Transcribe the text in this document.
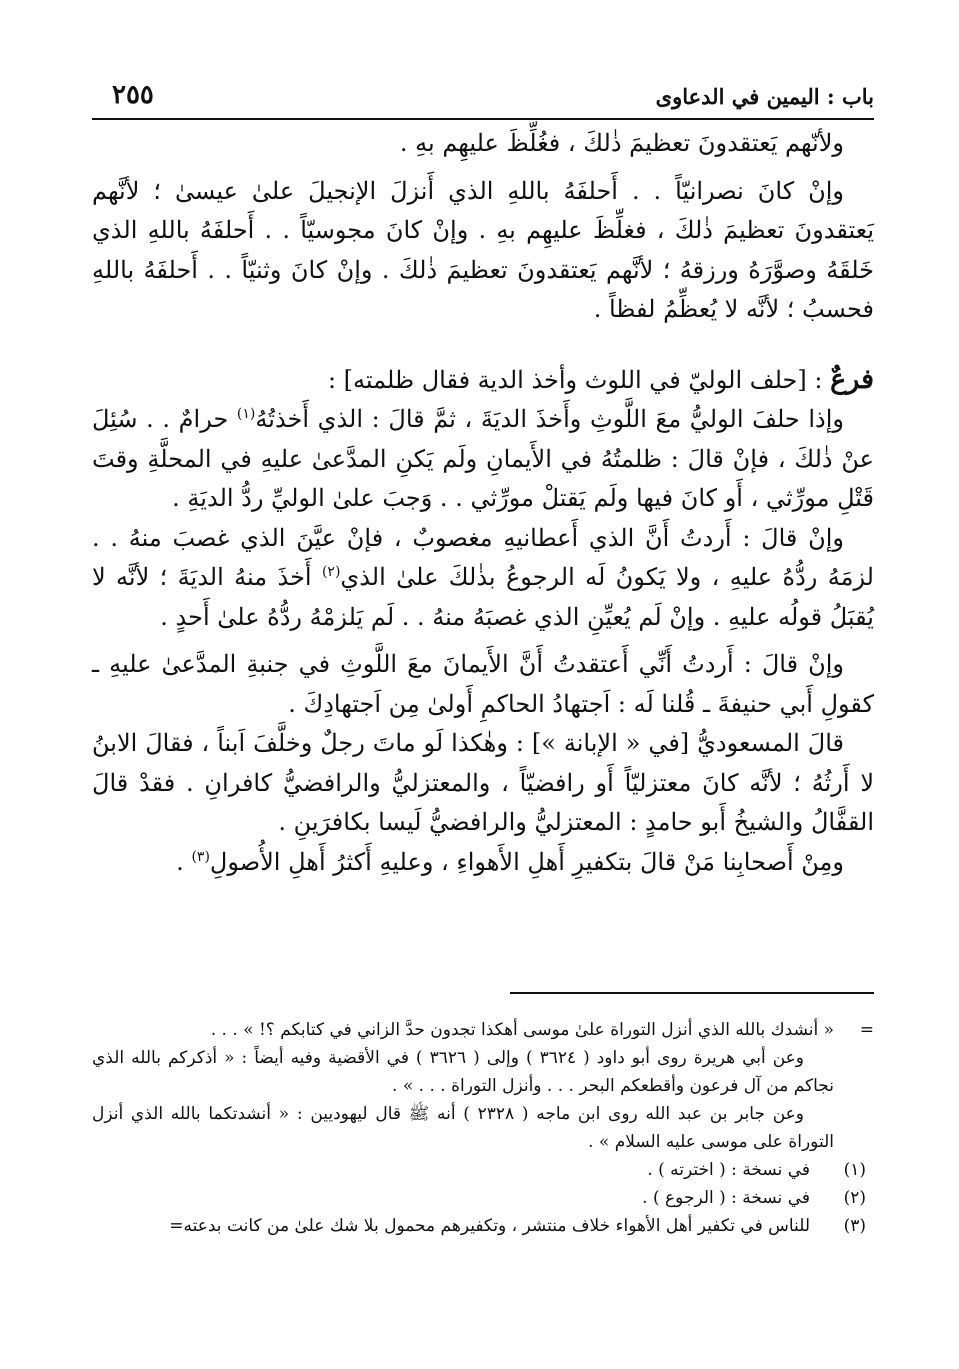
باب : اليمين في الدعاوى
٢٥٥

ولأنّهم يَعتقدونَ تعظيمَ ذٰلكَ ، فغُلِّظَ عليهِم بهِ .

وإنْ كانَ نصرانيّاً . . أَحلفَهُ باللهِ الذي أَنزلَ الإنجيلَ علىٰ عيسىٰ ؛ لأنَّهم يَعتقدونَ تعظيمَ ذٰلكَ ، فغلِّظَ عليهِم بهِ . وإنْ كانَ مجوسيّاً . . أَحلفَهُ باللهِ الذي خَلقَهُ وصوَّرَهُ ورزقهُ ؛ لأنَّهم يَعتقدونَ تعظيمَ ذٰلكَ . وإنْ كانَ وثنيّاً . . أَحلفَهُ باللهِ فحسبُ ؛ لأنَّه لا يُعظِّمُ لفظاً .

فرعٌ : [حلف الوليّ في اللوث وأخذ الدية فقال ظلمته] :

وإذا حلفَ الوليُّ معَ اللَّوثِ وأَخذَ الديَةَ ، ثمَّ قالَ : الذي أَخذتُهُ$^{(١)}$ حرامٌ . . سُئِلَ عنْ ذٰلكَ ، فإنْ قالَ : ظلمتُهُ في الأَيمانِ ولَم يَكنِ المدَّعىٰ عليهِ في المحلَّةِ وقتَ قَتْلِ مورِّثي ، أَو كانَ فيها ولَم يَقتلْ مورِّثي . . وَجبَ علىٰ الوليِّ ردُّ الديَةِ .

وإنْ قالَ : أَردتُ أَنَّ الذي أَعطانيهِ مغصوبٌ ، فإنْ عيَّنَ الذي غصبَ منهُ . . لزمَهُ ردُّهُ عليهِ ، ولا يَكونُ لَه الرجوعُ بذٰلكَ علىٰ الذي$^{(٢)}$ أَخذَ منهُ الديَةَ ؛ لأنَّه لا يُقبَلُ قولُه عليهِ . وإنْ لَم يُعيِّنِ الذي غصبَهُ منهُ . . لَم يَلزمْهُ ردُّهُ علىٰ أَحدٍ .

وإنْ قالَ : أَردتُ أَنِّي أَعتقدتُ أَنَّ الأَيمانَ معَ اللَّوثِ في جنبةِ المدَّعىٰ عليهِ ـ كقولِ أَبي حنيفةَ ـ قُلنا لَه : اَجتهادُ الحاكمِ أَولىٰ مِن اَجتهادِكَ .

قالَ المسعوديُّ [في « الإبانة »] : وهٰكذا لَو ماتَ رجلٌ وخلَّفَ اَبناً ، فقالَ الابنُ لا أَرثُهُ ؛ لأنَّه كانَ معتزليّاً أَو رافضيّاً ، والمعتزليُّ والرافضيُّ كافرانِ . فقدْ قالَ القفَّالُ والشيخُ أَبو حامدٍ : المعتزليُّ والرافضيُّ لَيسا بكافرَينِ .

ومِنْ أَصحابِنا مَنْ قالَ بتكفيرِ أَهلِ الأَهواءِ ، وعليهِ أَكثرُ أَهلِ الأُصولِ$^{(٣)}$ .

=
« أنشدك بالله الذي أنزل التوراة علىٰ موسى أهكذا تجدون حدَّ الزاني في كتابكم ؟! » . . .

وعن أبي هريرة روى أبو داود ( ٣٦٢٤ ) وإلى ( ٣٦٢٦ ) في الأقضية وفيه أيضاً : « أذكركم بالله الذي نجاكم من آل فرعون وأقطعكم البحر . . . وأنزل التوراة . . . » .

وعن جابر بن عبد الله روى ابن ماجه ( ٢٣٢٨ ) أنه ﷺ قال ليهوديين : « أنشدتكما بالله الذي أنزل التوراة على موسى عليه السلام » .

(١)
في نسخة : ( اخترته ) .
(٢)
في نسخة : ( الرجوع ) .
(٣)
للناس في تكفير أهل الأهواء خلاف منتشر ، وتكفيرهم محمول بلا شك علىٰ من كانت بدعته=
